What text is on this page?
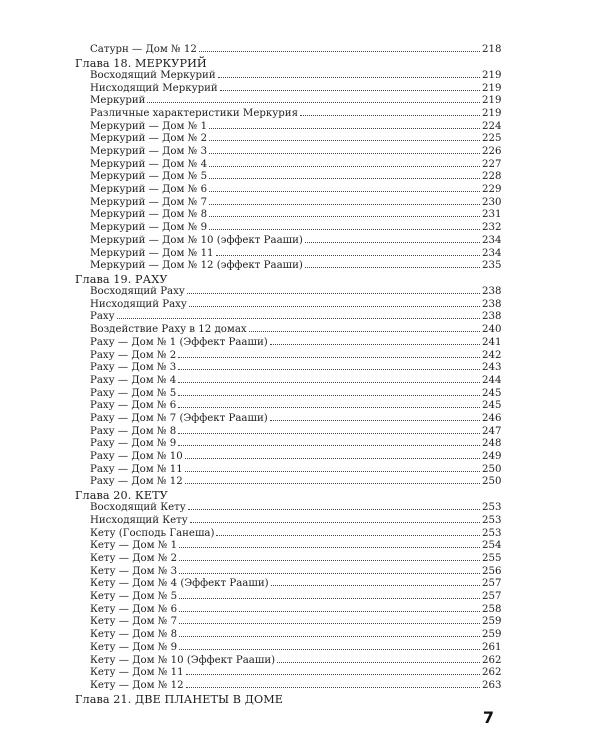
Сатурн — Дом № 12	218
Глава 18. МЕРКУРИЙ
Восходящий Меркурий	219
Нисходящий Меркурий	219
Меркурий	219
Различные характеристики Меркурия	219
Меркурий — Дом № 1	224
Меркурий — Дом № 2	225
Меркурий — Дом № 3	226
Меркурий — Дом № 4	227
Меркурий — Дом № 5	228
Меркурий — Дом № 6	229
Меркурий — Дом № 7	230
Меркурий — Дом № 8	231
Меркурий — Дом № 9	232
Меркурий — Дом № 10 (эффект Рааши)	234
Меркурий — Дом № 11	234
Меркурий — Дом № 12 (эффект Рааши)	235
Глава 19. РАХУ
Восходящий Раху	238
Нисходящий Раху	238
Раху	238
Воздействие Раху в 12 домах	240
Раху — Дом № 1 (Эффект Рааши)	241
Раху — Дом № 2	242
Раху — Дом № 3	243
Раху — Дом № 4	244
Раху — Дом № 5	245
Раху — Дом № 6	245
Раху — Дом № 7 (Эффект Рааши)	246
Раху — Дом № 8	247
Раху — Дом № 9	248
Раху — Дом № 10	249
Раху — Дом № 11	250
Раху — Дом № 12	250
Глава 20. КЕТУ
Восходящий Кету	253
Нисходящий Кету	253
Кету (Господь Ганеша)	253
Кету — Дом № 1	254
Кету — Дом № 2	255
Кету — Дом № 3	256
Кету — Дом № 4 (Эффект Рааши)	257
Кету — Дом № 5	257
Кету — Дом № 6	258
Кету — Дом № 7	259
Кету — Дом № 8	259
Кету — Дом № 9	261
Кету — Дом № 10 (Эффект Рааши)	262
Кету — Дом № 11	262
Кету — Дом № 12	263
Глава 21. ДВЕ ПЛАНЕТЫ В ДОМЕ
7
